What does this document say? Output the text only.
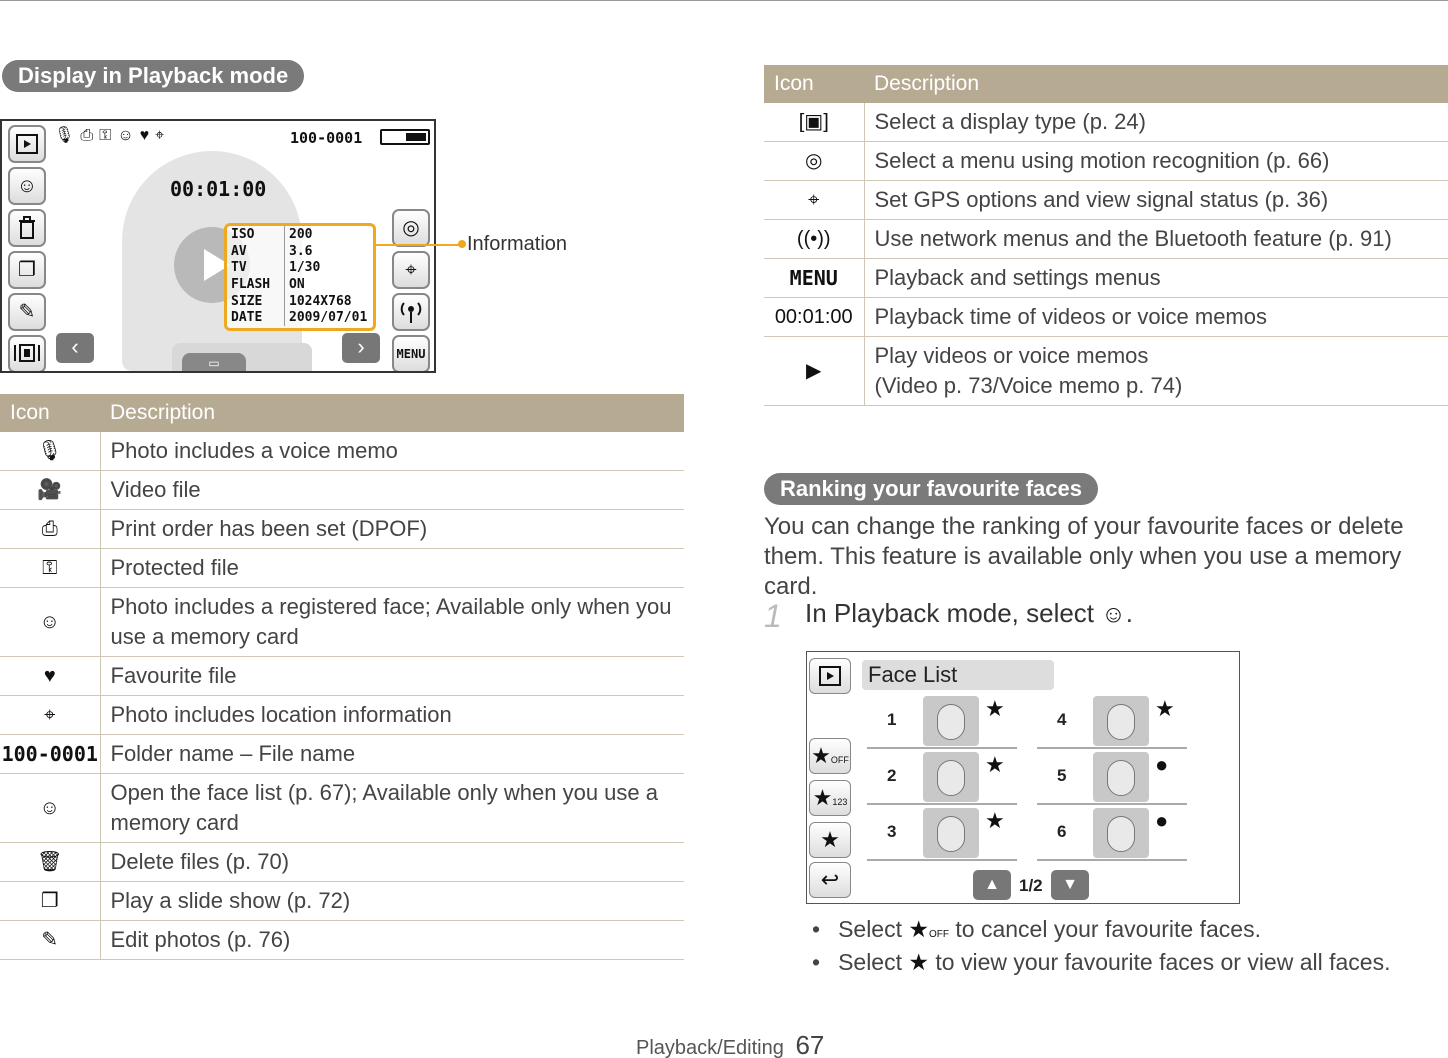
Display in Playback mode
🎙⎙⚿☺♥⌖	100-0001
00:01:00
☺
❐
✎
◎
⌖
MENU
‹	›
▭
ISO	200
AV	3.6
TV	1/30
FLASH	ON
SIZE	1024X768
DATE	2009/07/01
Information
Icon	Description
🎙	Photo includes a voice memo
🎥	Video file
⎙	Print order has been set (DPOF)
⚿	Protected file
☺	Photo includes a registered face; Available only when you use a memory card
♥	Favourite file
⌖	Photo includes location information
100-0001	Folder name – File name
☺	Open the face list (p. 67); Available only when you use a memory card
🗑	Delete files (p. 70)
❐	Play a slide show (p. 72)
✎	Edit photos (p. 76)
Icon	Description
[▣]	Select a display type (p. 24)
◎	Select a menu using motion recognition (p. 66)
⌖	Set GPS options and view signal status (p. 36)
((•))	Use network menus and the Bluetooth feature (p. 91)
MENU	Playback and settings menus
00:01:00	Playback time of videos or voice memos
▶	Play videos or voice memos
(Video p. 73/Voice memo p. 74)
Ranking your favourite faces
You can change the ranking of your favourite faces or delete them. This feature is available only when you use a memory card.
1 In Playback mode, select ☺.
Face List
★OFF
★123
★
↩
1	★
2	★
3	★
4	★
5	●
6	●
▲	1/2	▼
• Select ★OFF to cancel your favourite faces.
• Select ★ to view your favourite faces or view all faces.
Playback/Editing 67
